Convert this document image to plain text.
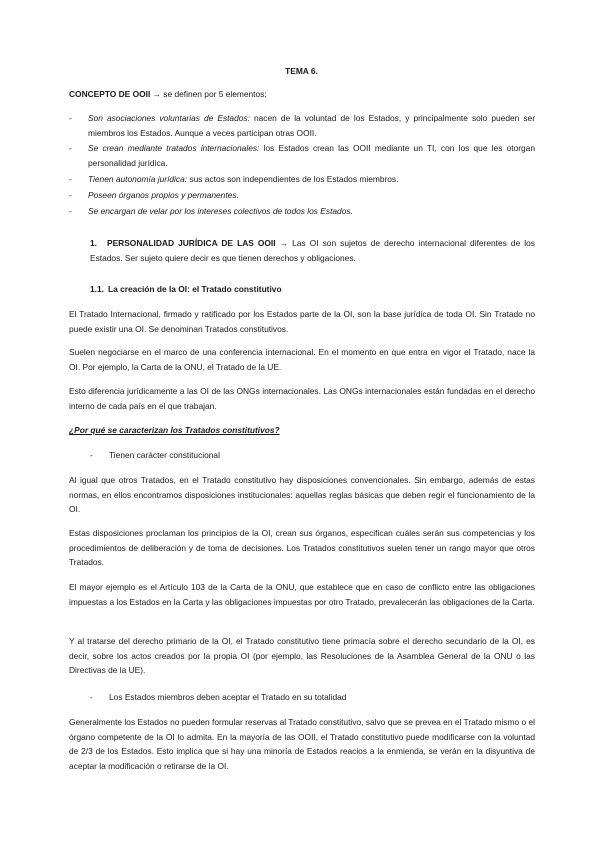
TEMA 6.

CONCEPTO DE OOII → se definen por 5 elementos;

- Son asociaciones voluntarias de Estados: nacen de la voluntad de los Estados, y principalmente solo pueden ser miembros los Estados. Aunque a veces participan otras OOII.
- Se crean mediante tratados internacionales: los Estados crean las OOII mediante un TI, con los que les otorgan personalidad jurídica.
- Tienen autonomía jurídica: sus actos son independientes de los Estados miembros.
- Poseen órganos propios y permanentes.
- Se encargan de velar por los intereses colectivos de todos los Estados.

1. PERSONALIDAD JURÍDICA DE LAS OOII → Las OI son sujetos de derecho internacional diferentes de los Estados. Ser sujeto quiere decir es que tienen derechos y obligaciones.

1.1. La creación de la OI: el Tratado constitutivo

El Tratado Internacional, firmado y ratificado por los Estados parte de la OI, son la base jurídica de toda OI. Sin Tratado no puede existir una OI. Se denominan Tratados constitutivos.

Suelen negociarse en el marco de una conferencia internacional. En el momento en que entra en vigor el Tratado, nace la OI. Por ejemplo, la Carta de la ONU, el Tratado de la UE.

Esto diferencia jurídicamente a las OI de las ONGs internacionales. Las ONGs internacionales están fundadas en el derecho interno de cada país en el que trabajan.

¿Por qué se caracterizan los Tratados constitutivos?

- Tienen carácter constitucional

Al igual que otros Tratados, en el Tratado constitutivo hay disposiciones convencionales. Sin embargo, además de estas normas, en ellos encontramos disposiciones institucionales: aquellas reglas básicas que deben regir el funcionamiento de la OI.

Estas disposiciones proclaman los principios de la OI, crean sus órganos, especifican cuáles serán sus competencias y los procedimientos de deliberación y de toma de decisiones. Los Tratados constitutivos suelen tener un rango mayor que otros Tratados.

El mayor ejemplo es el Artículo 103 de la Carta de la ONU, que establece que en caso de conflicto entre las obligaciones impuestas a los Estados en la Carta y las obligaciones impuestas por otro Tratado, prevalecerán las obligaciones de la Carta.

Y al tratarse del derecho primario de la OI, el Tratado constitutivo tiene primacía sobre el derecho secundario de la OI, es decir, sobre los actos creados por la propia OI (por ejemplo, las Resoluciones de la Asamblea General de la ONU o las Directivas de la UE).

- Los Estados miembros deben aceptar el Tratado en su totalidad

Generalmente los Estados no pueden formular reservas al Tratado constitutivo, salvo que se prevea en el Tratado mismo o el órgano competente de la OI lo admita. En la mayoría de las OOII, el Tratado constitutivo puede modificarse con la voluntad de 2/3 de los Estados. Esto implica que si hay una minoría de Estados reacios a la enmienda, se verán en la disyuntiva de aceptar la modificación o retirarse de la OI.
